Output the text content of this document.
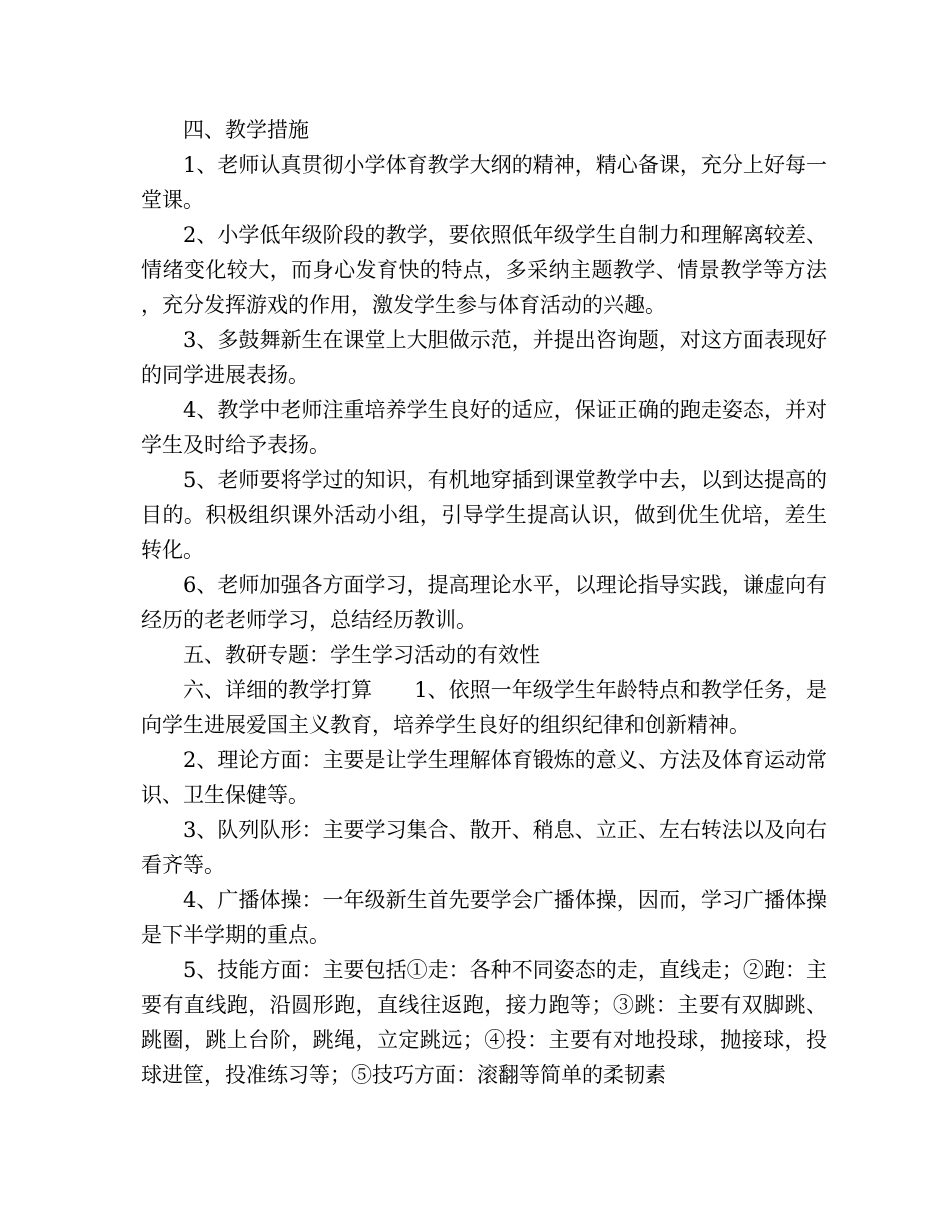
四、教学措施

1、老师认真贯彻小学体育教学大纲的精神，精心备课，充分上好每一堂课。

2、小学低年级阶段的教学，要依照低年级学生自制力和理解离较差、情绪变化较大，而身心发育快的特点，多采纳主题教学、情景教学等方法，充分发挥游戏的作用，激发学生参与体育活动的兴趣。

3、多鼓舞新生在课堂上大胆做示范，并提出咨询题，对这方面表现好的同学进展表扬。

4、教学中老师注重培养学生良好的适应，保证正确的跑走姿态，并对学生及时给予表扬。

5、老师要将学过的知识，有机地穿插到课堂教学中去，以到达提高的目的。积极组织课外活动小组，引导学生提高认识，做到优生优培，差生转化。

6、老师加强各方面学习，提高理论水平，以理论指导实践，谦虚向有经历的老老师学习，总结经历教训。

五、教研专题：学生学习活动的有效性

六、详细的教学打算　　1、依照一年级学生年龄特点和教学任务，是向学生进展爱国主义教育，培养学生良好的组织纪律和创新精神。

2、理论方面：主要是让学生理解体育锻炼的意义、方法及体育运动常识、卫生保健等。

3、队列队形：主要学习集合、散开、稍息、立正、左右转法以及向右看齐等。

4、广播体操：一年级新生首先要学会广播体操，因而，学习广播体操是下半学期的重点。

5、技能方面：主要包括①走：各种不同姿态的走，直线走；②跑：主要有直线跑，沿圆形跑，直线往返跑，接力跑等；③跳：主要有双脚跳、跳圈，跳上台阶，跳绳，立定跳远；④投：主要有对地投球，抛接球，投球进筐，投准练习等；⑤技巧方面：滚翻等简单的柔韧素
